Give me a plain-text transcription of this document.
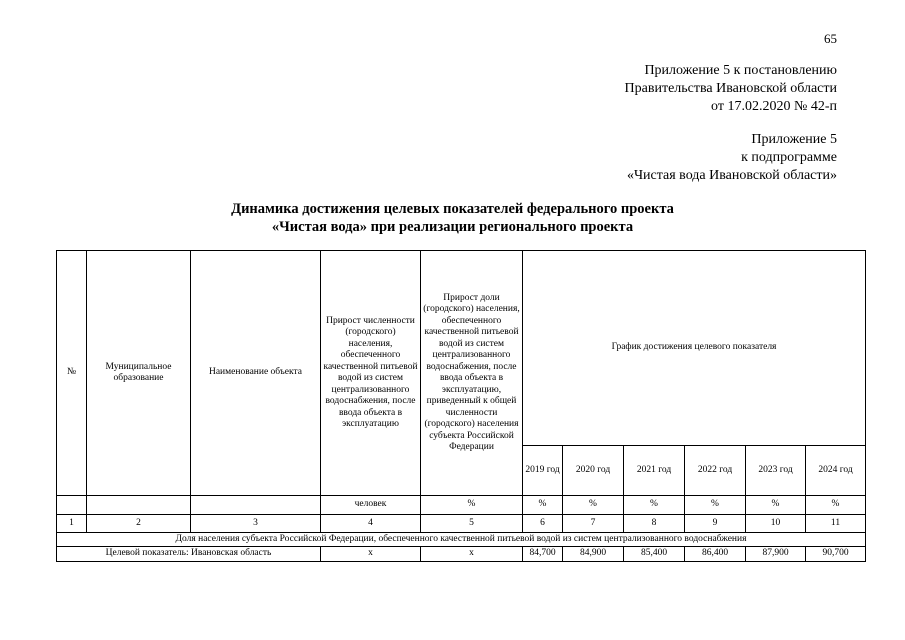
65
Приложение 5 к постановлению
Правительства Ивановской области
от 17.02.2020 № 42-п
Приложение 5
к подпрограмме
«Чистая вода Ивановской области»
Динамика достижения целевых показателей федерального проекта
«Чистая вода» при реализации регионального проекта
№	Муниципальное образование	Наименование объекта	Прирост численности (городского) населения, обеспеченного качественной питьевой водой из систем централизованного водоснабжения, после ввода объекта в эксплуатацию	Прирост доли (городского) населения, обеспеченного качественной питьевой водой из систем централизованного водоснабжения, после ввода объекта в эксплуатацию, приведенный к общей численности (городского) населения субъекта Российской Федерации	График достижения целевого показателя					
					2019 год	2020 год	2021 год	2022 год	2023 год	2024 год
			человек	%	%	%	%	%	%	%
1	2	3	4	5	6	7	8	9	10	11
Доля населения субъекта Российской Федерации, обеспеченного качественной питьевой водой из систем централизованного водоснабжения										
Целевой показатель: Ивановская область			х	х	84,700	84,900	85,400	86,400	87,900	90,700
